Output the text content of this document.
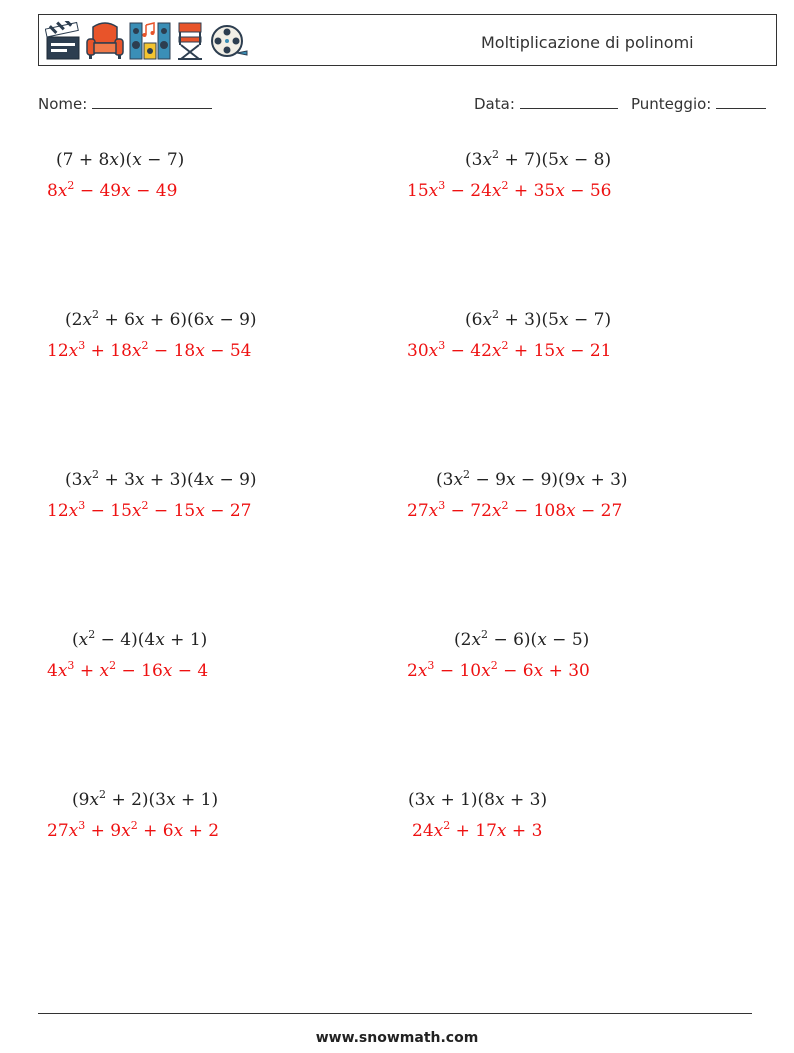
Moltiplicazione di polinomi
Nome:	Data:	Punteggio:
(7 + 8x)(x − 7)
$8x^2 - 49x - 49$
$(3x^2 + 7)(5x - 8)$
$15x^3 - 24x^2 + 35x - 56$
$(2x^2 + 6x + 6)(6x - 9)$
$12x^3 + 18x^2 - 18x - 54$
$(6x^2 + 3)(5x - 7)$
$30x^3 - 42x^2 + 15x - 21$
$(3x^2 + 3x + 3)(4x - 9)$
$12x^3 - 15x^2 - 15x - 27$
$(3x^2 - 9x - 9)(9x + 3)$
$27x^3 - 72x^2 - 108x - 27$
$(x^2 - 4)(4x + 1)$
$4x^3 + x^2 - 16x - 4$
$(2x^2 - 6)(x - 5)$
$2x^3 - 10x^2 - 6x + 30$
$(9x^2 + 2)(3x + 1)$
$27x^3 + 9x^2 + 6x + 2$
(3x + 1)(8x + 3)
$24x^2 + 17x + 3$
www.snowmath.com
